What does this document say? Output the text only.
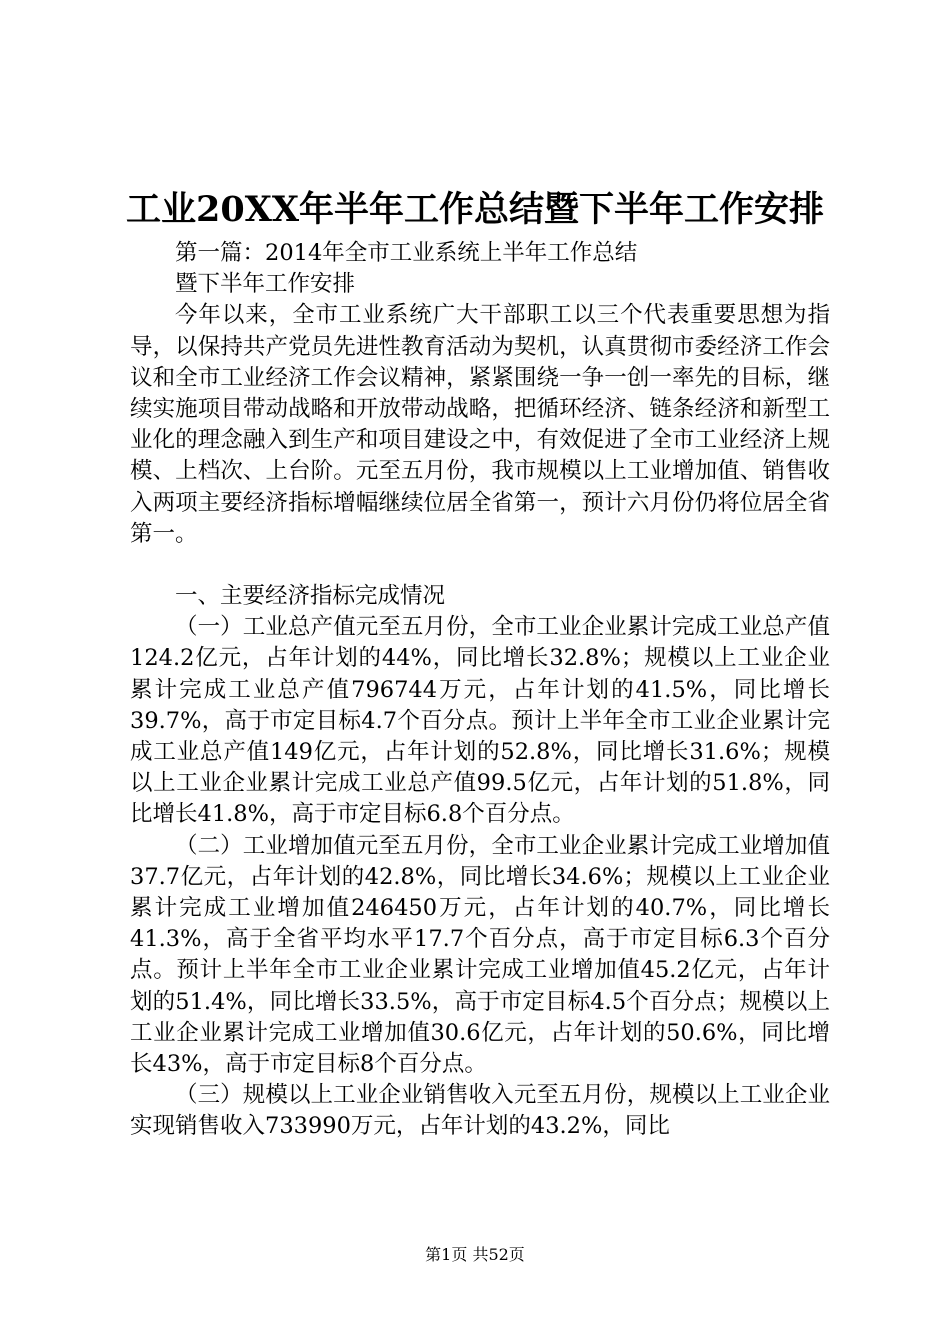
工业20XX年半年工作总结暨下半年工作安排

第一篇：2014年全市工业系统上半年工作总结

暨下半年工作安排

今年以来，全市工业系统广大干部职工以三个代表重要思想为指导，以保持共产党员先进性教育活动为契机，认真贯彻市委经济工作会议和全市工业经济工作会议精神，紧紧围绕一争一创一率先的目标，继续实施项目带动战略和开放带动战略，把循环经济、链条经济和新型工业化的理念融入到生产和项目建设之中，有效促进了全市工业经济上规模、上档次、上台阶。元至五月份，我市规模以上工业增加值、销售收入两项主要经济指标增幅继续位居全省第一，预计六月份仍将位居全省第一。

一、主要经济指标完成情况

（一）工业总产值元至五月份，全市工业企业累计完成工业总产值124.2亿元，占年计划的44%，同比增长32.8%；规模以上工业企业累计完成工业总产值796744万元，占年计划的41.5%，同比增长39.7%，高于市定目标4.7个百分点。预计上半年全市工业企业累计完成工业总产值149亿元，占年计划的52.8%，同比增长31.6%；规模以上工业企业累计完成工业总产值99.5亿元，占年计划的51.8%，同比增长41.8%，高于市定目标6.8个百分点。

（二）工业增加值元至五月份，全市工业企业累计完成工业增加值37.7亿元，占年计划的42.8%，同比增长34.6%；规模以上工业企业累计完成工业增加值246450万元，占年计划的40.7%，同比增长41.3%，高于全省平均水平17.7个百分点，高于市定目标6.3个百分点。预计上半年全市工业企业累计完成工业增加值45.2亿元，占年计划的51.4%，同比增长33.5%，高于市定目标4.5个百分点；规模以上工业企业累计完成工业增加值30.6亿元，占年计划的50.6%，同比增长43%，高于市定目标8个百分点。

（三）规模以上工业企业销售收入元至五月份，规模以上工业企业实现销售收入733990万元，占年计划的43.2%，同比

第1页 共52页
